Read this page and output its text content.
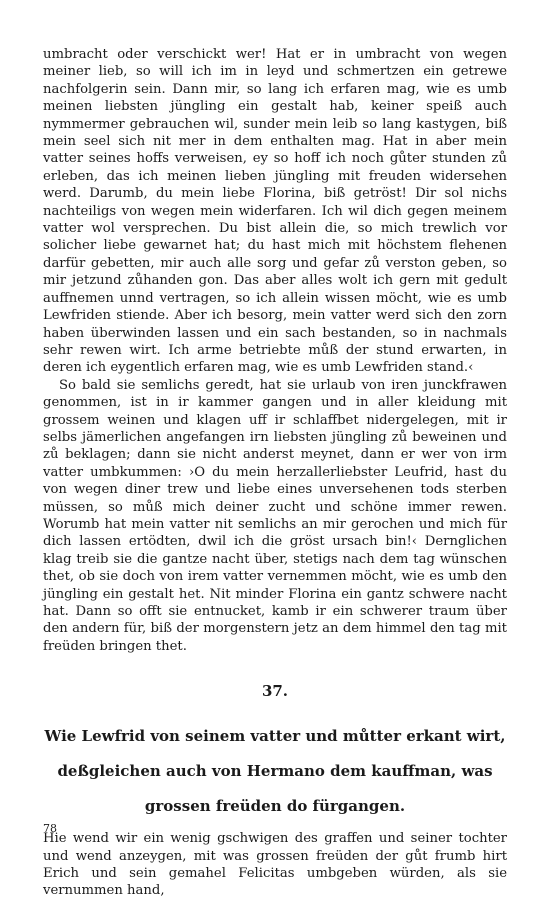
umbracht oder verschickt wer! Hat er in umbracht von wegen meiner lieb, so will ich im in leyd und schmertzen ein getrewe nachfolgerin sein. Dann mir, so lang ich erfaren mag, wie es umb meinen liebsten jüngling ein gestalt hab, keiner speiß auch nymmermer gebrauchen wil, sunder mein leib so lang kastygen, biß mein seel sich nit mer in dem enthalten mag. Hat in aber mein vatter seines hoffs verweisen, ey so hoff ich noch gůter stunden zů erleben, das ich meinen lieben jüngling mit freuden widersehen werd. Darumb, du mein liebe Florina, biß getröst! Dir sol nichs nachteiligs von wegen mein widerfaren. Ich wil dich gegen meinem vatter wol versprechen. Du bist allein die, so mich trewlich vor solicher liebe gewarnet hat; du hast mich mit höchstem flehenen darfür gebetten, mir auch alle sorg und gefar zů verston geben, so mir jetzund zůhanden gon. Das aber alles wolt ich gern mit gedult auffnemen unnd vertragen, so ich allein wissen möcht, wie es umb Lewfriden stiende. Aber ich besorg, mein vatter werd sich den zorn haben überwinden lassen und ein sach bestanden, so in nachmals sehr rewen wirt. Ich arme betriebte můß der stund erwarten, in deren ich eygentlich erfaren mag, wie es umb Lewfriden stand.‹

So bald sie semlichs geredt, hat sie urlaub von iren junckfrawen genommen, ist in ir kammer gangen und in aller kleidung mit grossem weinen und klagen uff ir schlaffbet nidergelegen, mit ir selbs jämerlichen angefangen irn liebsten jüngling zů beweinen und zů beklagen; dann sie nicht anderst meynet, dann er wer von irm vatter umbkummen: ›O du mein herzallerliebster Leufrid, hast du von wegen diner trew und liebe eines unversehenen tods sterben müssen, so můß mich deiner zucht und schöne immer rewen. Worumb hat mein vatter nit semlichs an mir gerochen und mich für dich lassen ertödten, dwil ich die gröst ursach bin!‹ Dernglichen klag treib sie die gantze nacht über, stetigs nach dem tag wünschen thet, ob sie doch von irem vatter vernemmen möcht, wie es umb den jüngling ein gestalt het. Nit minder Florina ein gantz schwere nacht hat. Dann so offt sie entnucket, kamb ir ein schwerer traum über den andern für, biß der morgenstern jetz an dem himmel den tag mit freüden bringen thet.

37.
Wie Lewfrid von seinem vatter und můtter erkant wirt,
deßgleichen auch von Hermano dem kauffman, was
grossen freüden do fürgangen.

Hie wend wir ein wenig gschwigen des graffen und seiner tochter und wend anzeygen, mit was grossen freüden der gůt frumb hirt Erich und sein gemahel Felicitas umbgeben würden, als sie vernummen hand,

78
